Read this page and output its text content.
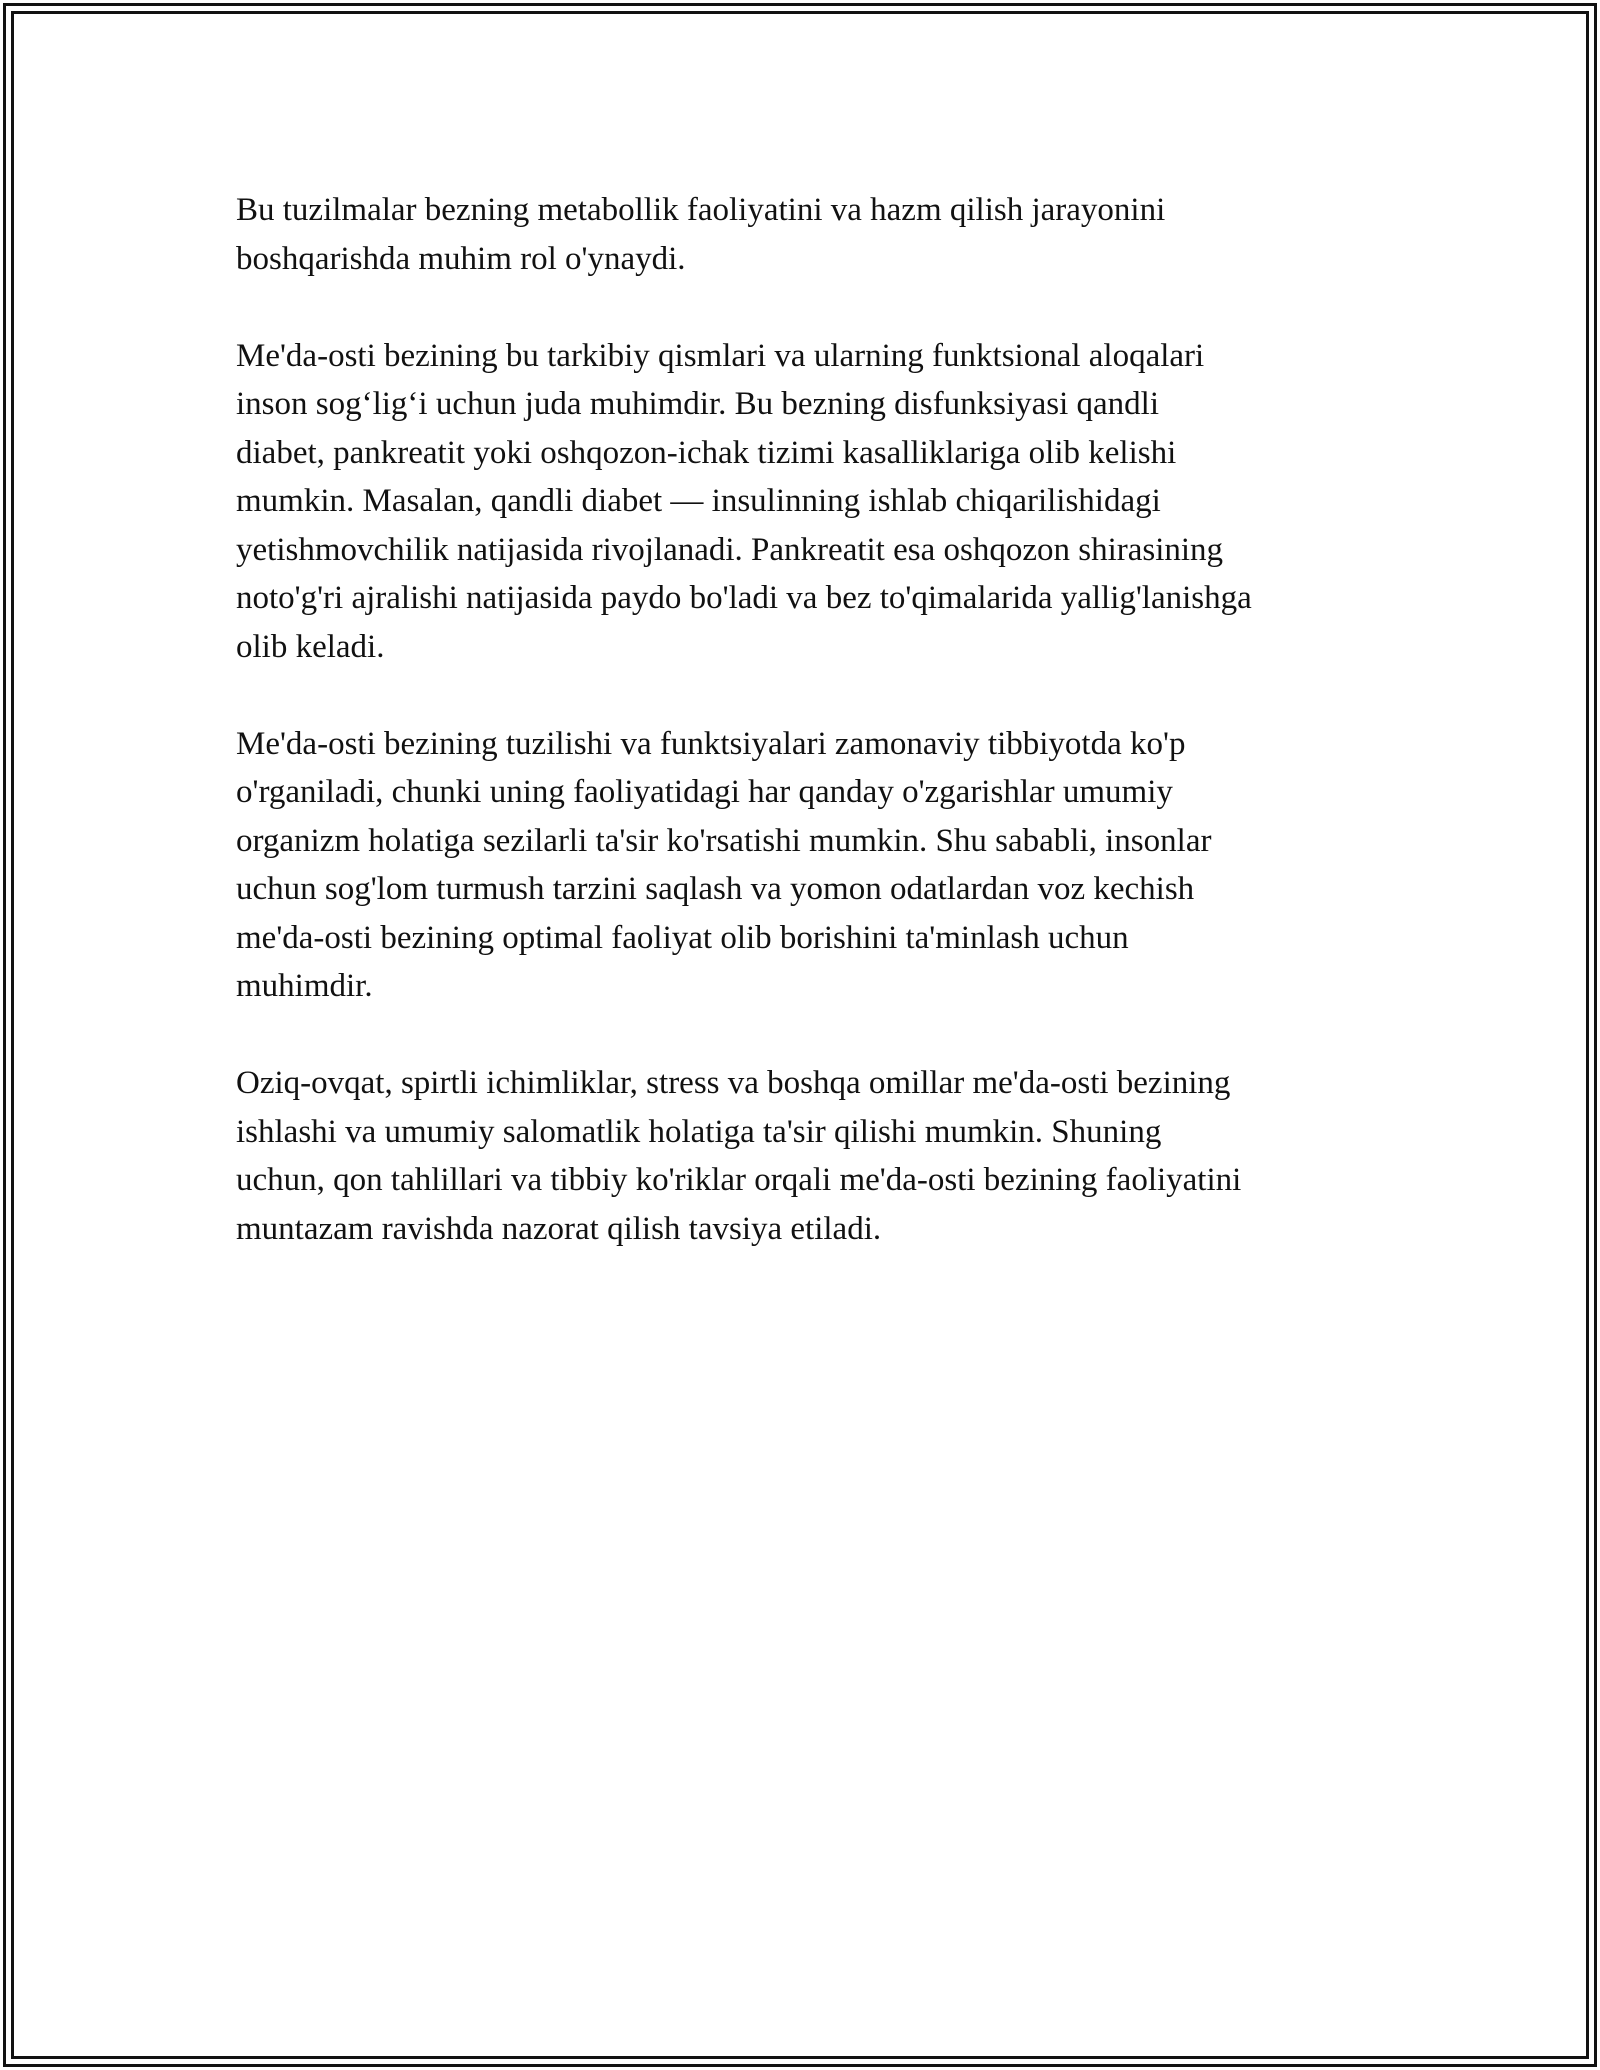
Bu tuzilmalar bezning metabollik faoliyatini va hazm qilish jarayonini
boshqarishda muhim rol o'ynaydi.

Me'da-osti bezining bu tarkibiy qismlari va ularning funktsional aloqalari
inson sog‘lig‘i uchun juda muhimdir. Bu bezning disfunksiyasi qandli
diabet, pankreatit yoki oshqozon-ichak tizimi kasalliklariga olib kelishi
mumkin. Masalan, qandli diabet — insulinning ishlab chiqarilishidagi
yetishmovchilik natijasida rivojlanadi. Pankreatit esa oshqozon shirasining
noto'g'ri ajralishi natijasida paydo bo'ladi va bez to'qimalarida yallig'lanishga
olib keladi.

Me'da-osti bezining tuzilishi va funktsiyalari zamonaviy tibbiyotda ko'p
o'rganiladi, chunki uning faoliyatidagi har qanday o'zgarishlar umumiy
organizm holatiga sezilarli ta'sir ko'rsatishi mumkin. Shu sababli, insonlar
uchun sog'lom turmush tarzini saqlash va yomon odatlardan voz kechish
me'da-osti bezining optimal faoliyat olib borishini ta'minlash uchun
muhimdir.

Oziq-ovqat, spirtli ichimliklar, stress va boshqa omillar me'da-osti bezining
ishlashi va umumiy salomatlik holatiga ta'sir qilishi mumkin. Shuning
uchun, qon tahlillari va tibbiy ko'riklar orqali me'da-osti bezining faoliyatini
muntazam ravishda nazorat qilish tavsiya etiladi.
